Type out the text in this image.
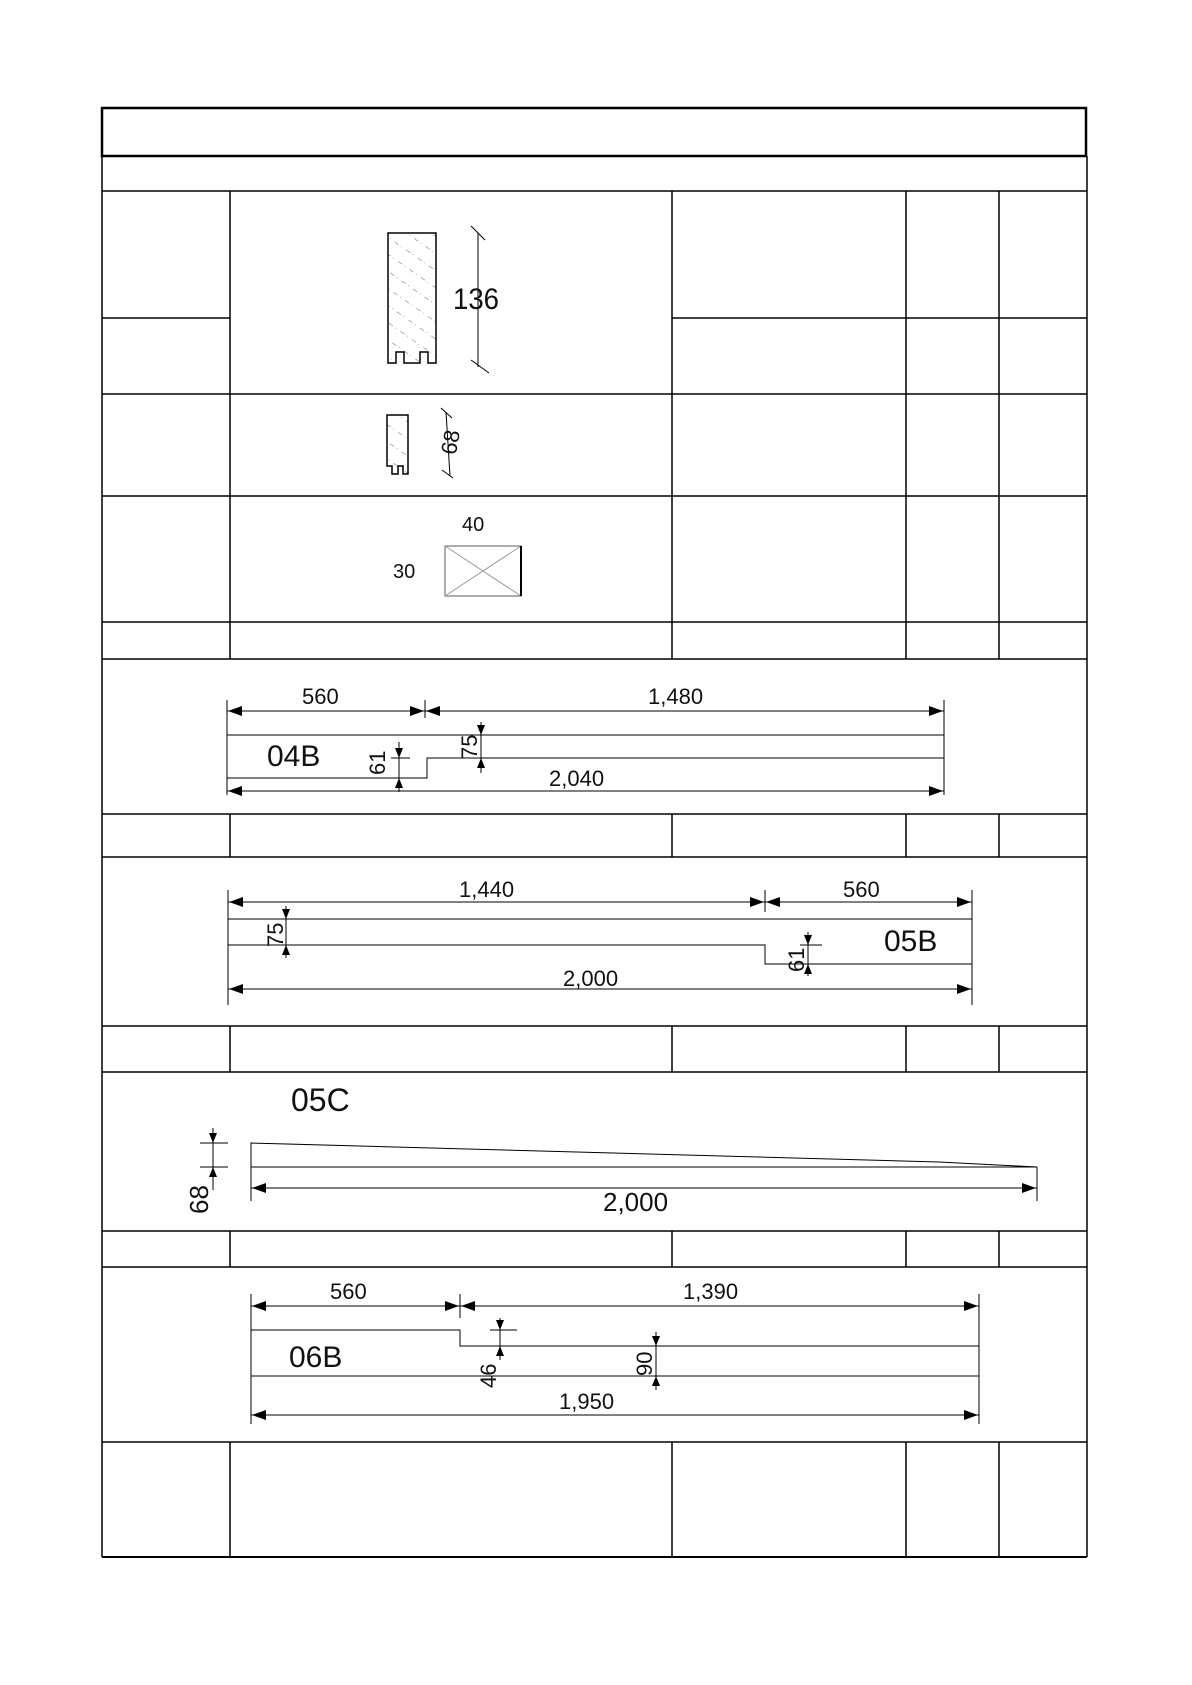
136
68
40
30
04B
560	1,480
2,040
61
75
05B
1,440	560
2,000
75
61
05C
2,000
68
06B
560	1,390
1,950
46	90
